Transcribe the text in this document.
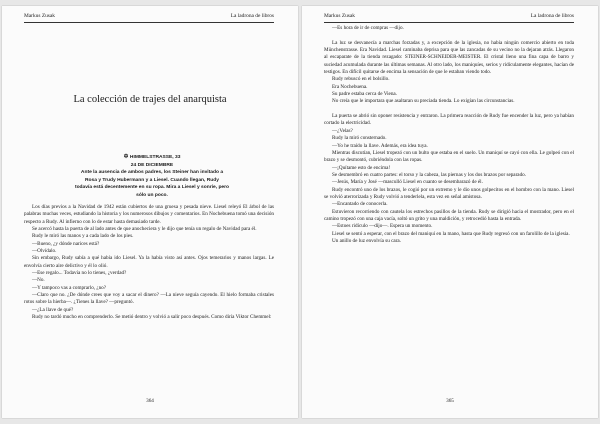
Markus Zusak	La ladrona de libros
La colección de trajes del anarquista
✡ HIMMELSTRASSE, 33
24 DE DICIEMBRE
Ante la ausencia de ambos padres, los Steiner han invitado a
Rosa y Trudy Hubermann y a Liesel. Cuando llegan, Rudy
todavía está decentemente en su ropa. Mira a Liesel y sonríe, pero
sólo un poco.

Los días previos a la Navidad de 1942 están cubiertos de una gruesa y pesada nieve. Liesel releyó El árbol de las palabras muchas veces, estudiando la historia y los numerosos dibujos y comentarios. En Nochebuena tomó una decisión respecto a Rudy. Al infierno con lo de estar hasta demasiado tarde.

Se acercó hasta la puerta de al lado antes de que anocheciera y le dijo que tenía un regalo de Navidad para él.

Rudy le miró las manos y a cada lado de los pies.

—Bueno, ¿y dónde narices está?

—Olvídalo.

Sin embargo, Rudy sabía a qué había ido Liesel. Ya la había visto así antes. Ojos temerarios y manos largas. Le envolvía cierto aire delictivo y él lo olió.

—Ese regalo... Todavía no lo tienes, ¿verdad?

—No.

—Y tampoco vas a comprarlo, ¿no?

—Claro que no. ¿De dónde crees que voy a sacar el dinero? —La nieve seguía cayendo. El hielo formaba cristales rotos sobre la hierba—. ¿Tienes la llave? —preguntó.

—¿La llave de qué?

Rudy no tardó mucho en comprenderlo. Se metió dentro y volvió a salir poco después. Como diría Viktor Chemmel:

364
Markus Zusak	La ladrona de libros

—Es hora de ir de compras —dijo.

La luz se desvanecía a marchas forzadas y, a excepción de la iglesia, no había ningún comercio abierto en toda Münchenstrasse. Era Navidad. Liesel caminaba deprisa para que las zancadas de su vecino no la dejaran atrás. Llegaron al escaparate de la tienda rezagado: STEINER-SCHNEIDER-MEISTER. El cristal lleno una fina capa de barro y suciedad acumulada durante las últimas semanas. Al otro lado, los maniquíes, serios y ridículamente elegantes, hacían de testigos. En difícil quitarse de encima la sensación de que le estaban viendo todo.

Rudy rebuscó en el bolsillo.

Era Nochebuena.

Su padre estaba cerca de Viena.

No creía que le importara que asaltaran su preciada tienda. Lo exigían las circunstancias.

La puerta se abrió sin oponer resistencia y entraron. La primera reacción de Rudy fue encender la luz, pero ya habían cortado la electricidad.

—¿Velas?

Rudy la miró consternado.

—Yo he traído la llave. Además, era idea tuya.

Mientras discutían, Liesel tropezó con un bulto que estaba en el suelo. Un maniquí se cayó con ella. Le golpeó con el brazo y se desmontó, cubriéndola con las ropas.

—¡Quítame esto de encima!

Se desmembró en cuatro partes: el torso y la cabeza, las piernas y los dos brazos por separado.

—Jesús, María y José —masculló Liesel en cuanto se desembarazó de él.

Rudy encontró uno de los brazos, le cogió por un extremo y le dio unos golpecitos en el hombro con la mano. Liesel se volvió aterrorizada y Rudy volvió a tenderlela, esta vez en señal amistosa.

—Encantado de conocerla.

Estuvieron recorriendo con cautela los estrechos pasillos de la tienda. Rudy se dirigió hacia el mostrador, pero en el camino tropezó con una caja vacía, soltó un grito y una maldición, y retrocedió hasta la entrada.

—Estoes ridículo —dijo—. Espera un momento.

Liesel se sentó a esperar, con el brazo del maniquí en la mano, hasta que Rudy regresó con un farolillo de la iglesia.

Un anillo de luz envolvía su cara.

365
